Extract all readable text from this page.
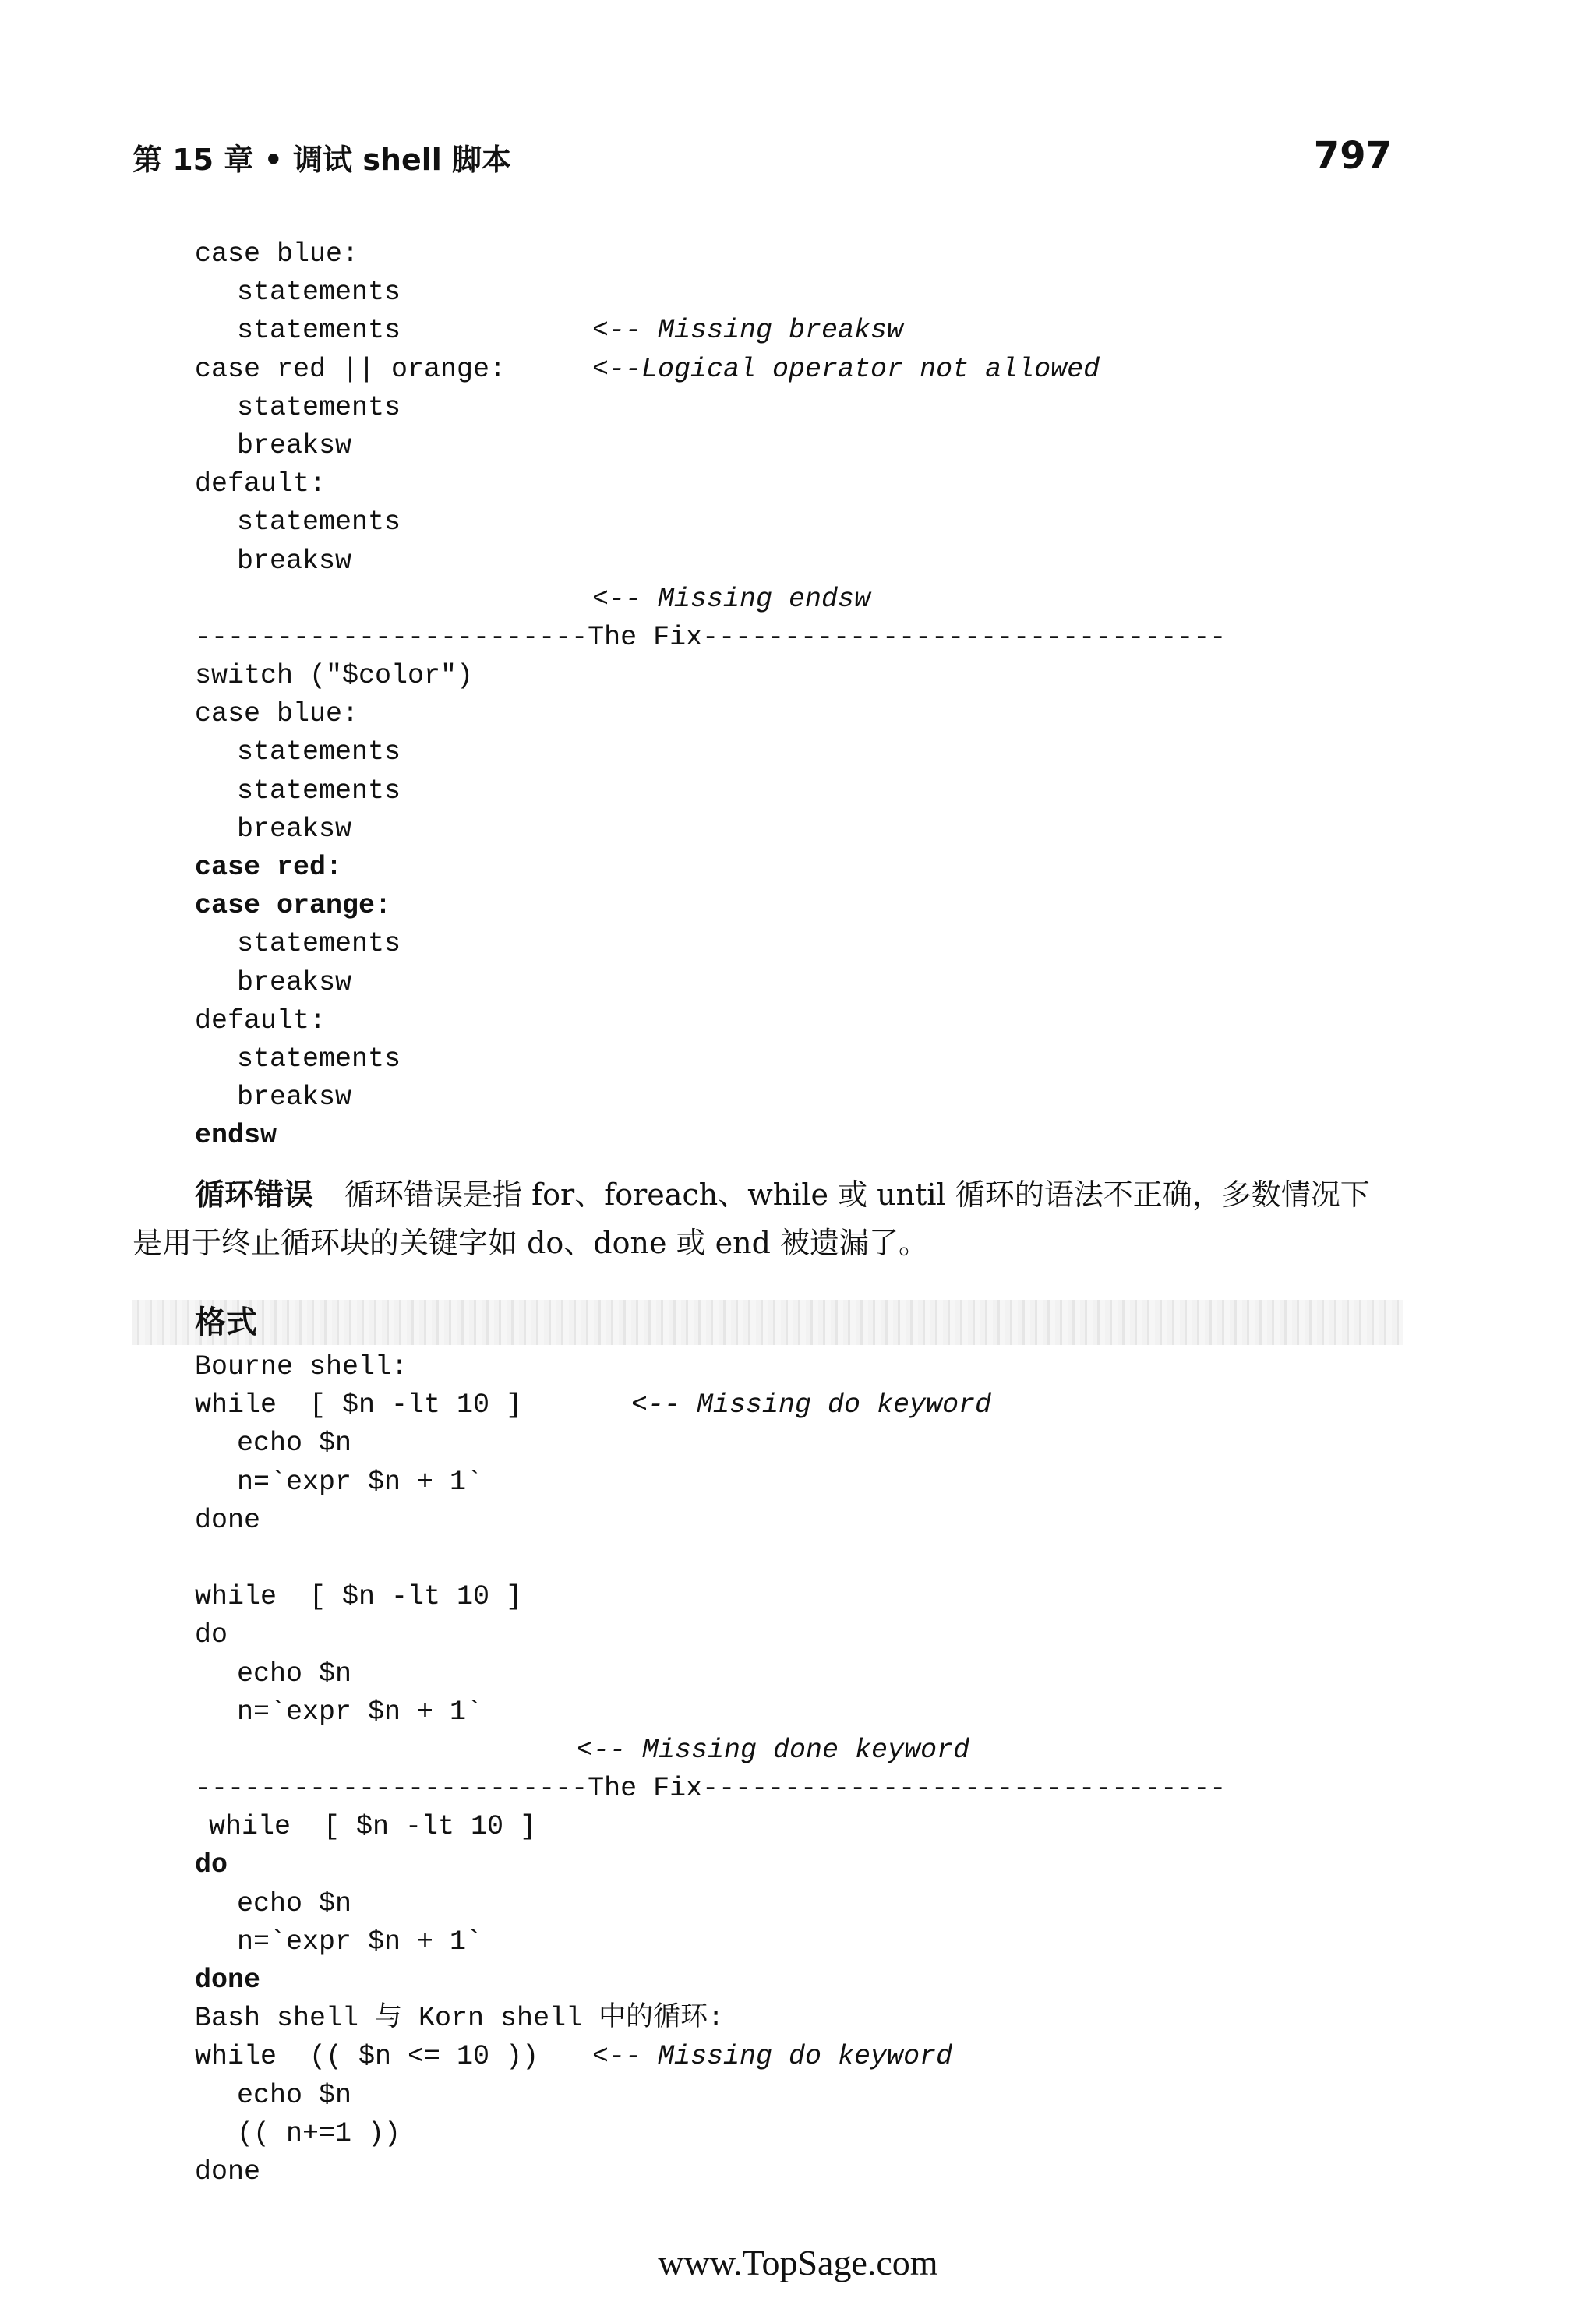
第 15 章 • 调试 shell 脚本	797
case blue:
statements
statements	<-- Missing breaksw
case red || orange:	<--Logical operator not allowed
statements
breaksw
default:
statements
breaksw
<-- Missing endsw
------------------------The Fix--------------------------------
switch ("$color")
case blue:
statements
statements
breaksw
case red:
case orange:
statements
breaksw
default:
statements
breaksw
endsw
循环错误 循环错误是指 for、foreach、while 或 until 循环的语法不正确，多数情况下是用于终止循环块的关键字如 do、done 或 end 被遗漏了。
格式
Bourne shell:
while  [ $n -lt 10 ]	<-- Missing do keyword
echo $n
n=`expr $n + 1`
done
while  [ $n -lt 10 ]
do
echo $n
n=`expr $n + 1`
<-- Missing done keyword
------------------------The Fix--------------------------------
while  [ $n -lt 10 ]
do
echo $n
n=`expr $n + 1`
done
Bash shell 与 Korn shell 中的循环:
while  (( $n <= 10 )) <-- Missing do keyword
echo $n
(( n+=1 ))
done
www.TopSage.com
